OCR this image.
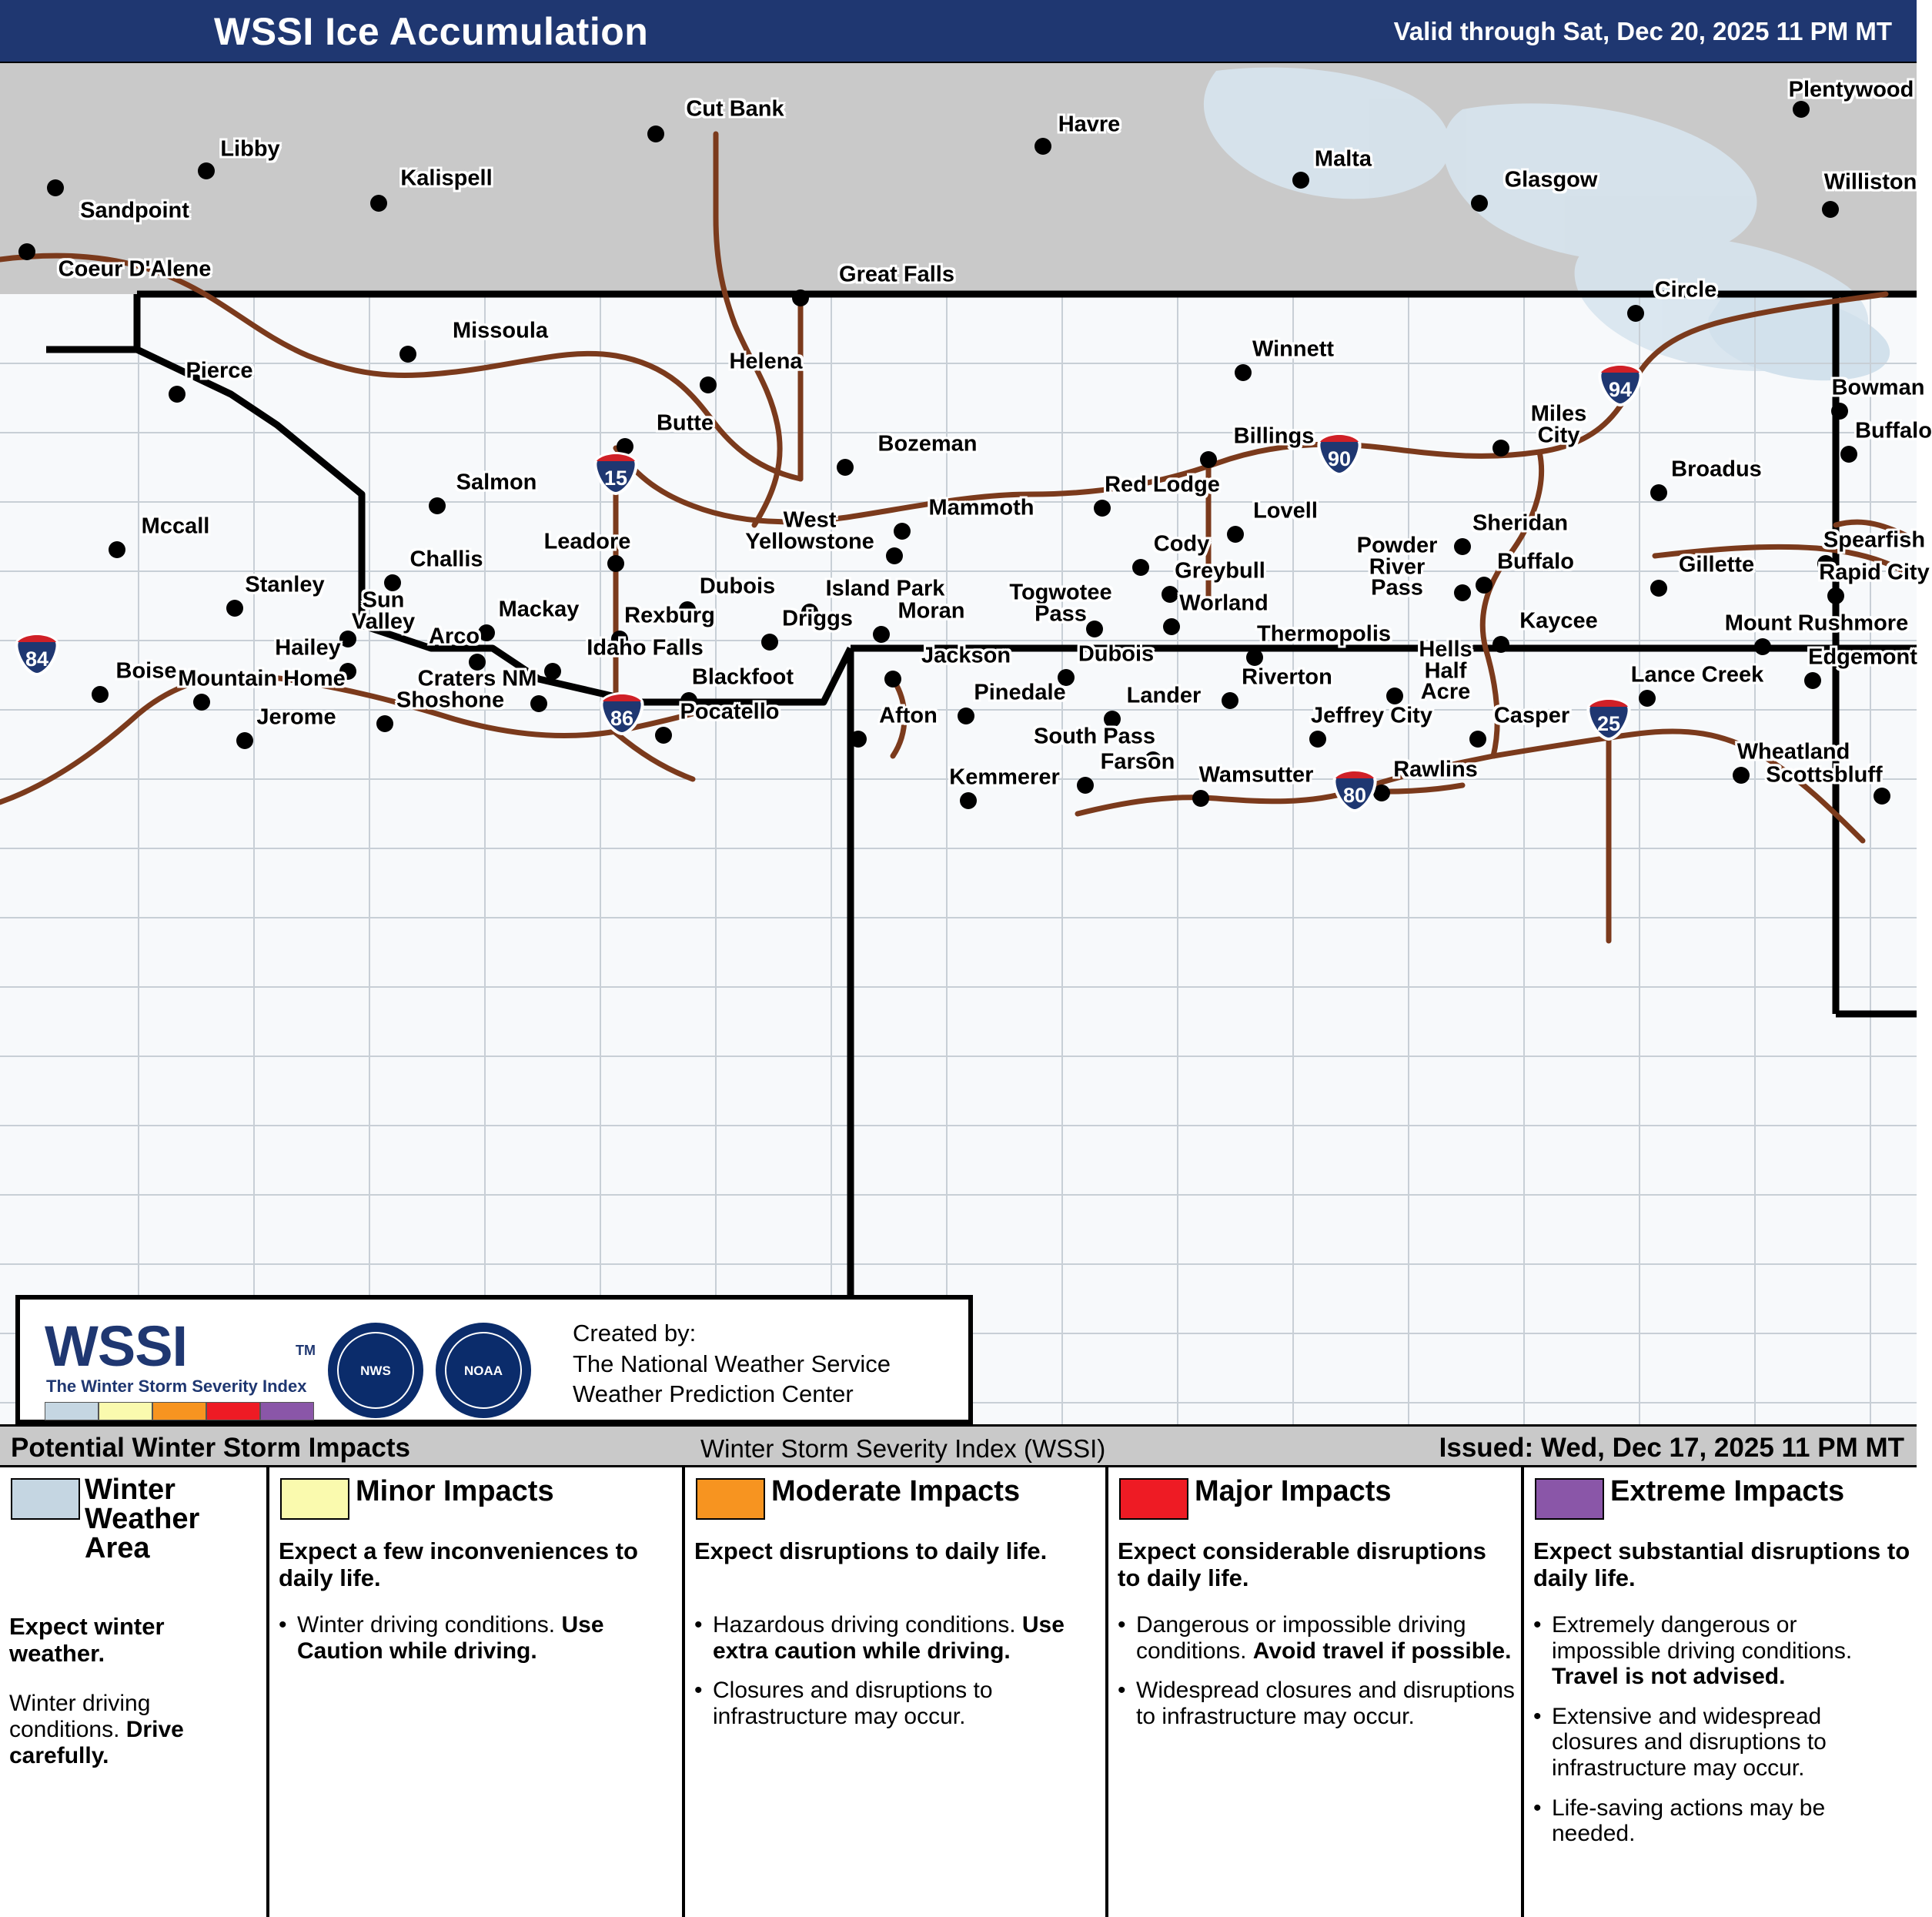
WSSI Ice Accumulation	Valid through Sat, Dec 20, 2025 11 PM MT
Cut Bank
Havre
Plentywood
Libby	Malta
Glasgow	Williston
Kalispell
Sandpoint
Coeur D'Alene
Circle
Great Falls
Missoula
Winnett
Helena
Pierce
Bowman
Butte	Miles
City	Buffalo
Bozeman	Billings
Broadus
Salmon	Red Lodge
Mammoth	Lovell	Sheridan
Mccall	West
Yellowstone
Leadore	Cody	Spearfish
Challis	Greybull
Powder
River
Pass
Buffalo	Gillette	Rapid City
Stanley	Dubois Island Park	Togwotee
Pass	Worland
Sun
Valley	Mackay	Moran	Kaycee	Mount Rushmore
Rexburg	Driggs
Arco	Thermopolis
Hailey	Idaho Falls	Jackson	Dubois	Edgemont
Hells
Half
Acre
Lance Creek
Boise Mountain Home	Craters NM	Riverton
Blackfoot
Shoshone	Pinedale	Lander
Jerome	Pocatello	Afton	Casper
Jeffrey City
South Pass
Wheatland
Farson
Scottsbluff
Rawlins
Wamsutter
Kemmerer
94
90
15
84
86	25
80
WSSI	TM
The Winter Storm Severity Index
NWS	NOAA
Created by:
The National Weather Service
Weather Prediction Center
Potential Winter Storm Impacts	Winter Storm Severity Index (WSSI)	Issued: Wed, Dec 17, 2025 11 PM MT
Winter Weather Area
Expect winter weather.
Winter driving conditions. Drive carefully.
Minor Impacts
Expect a few inconveniences to daily life.
• Winter driving conditions. Use Caution while driving.
Moderate Impacts
Expect disruptions to daily life.
• Hazardous driving conditions. Use extra caution while driving.
• Closures and disruptions to infrastructure may occur.
Major Impacts
Expect considerable disruptions to daily life.
• Dangerous or impossible driving conditions. Avoid travel if possible.
• Widespread closures and disruptions to infrastructure may occur.
Extreme Impacts
Expect substantial disruptions to daily life.
• Extremely dangerous or impossible driving conditions. Travel is not advised.
• Extensive and widespread closures and disruptions to infrastructure may occur.
• Life-saving actions may be needed.
